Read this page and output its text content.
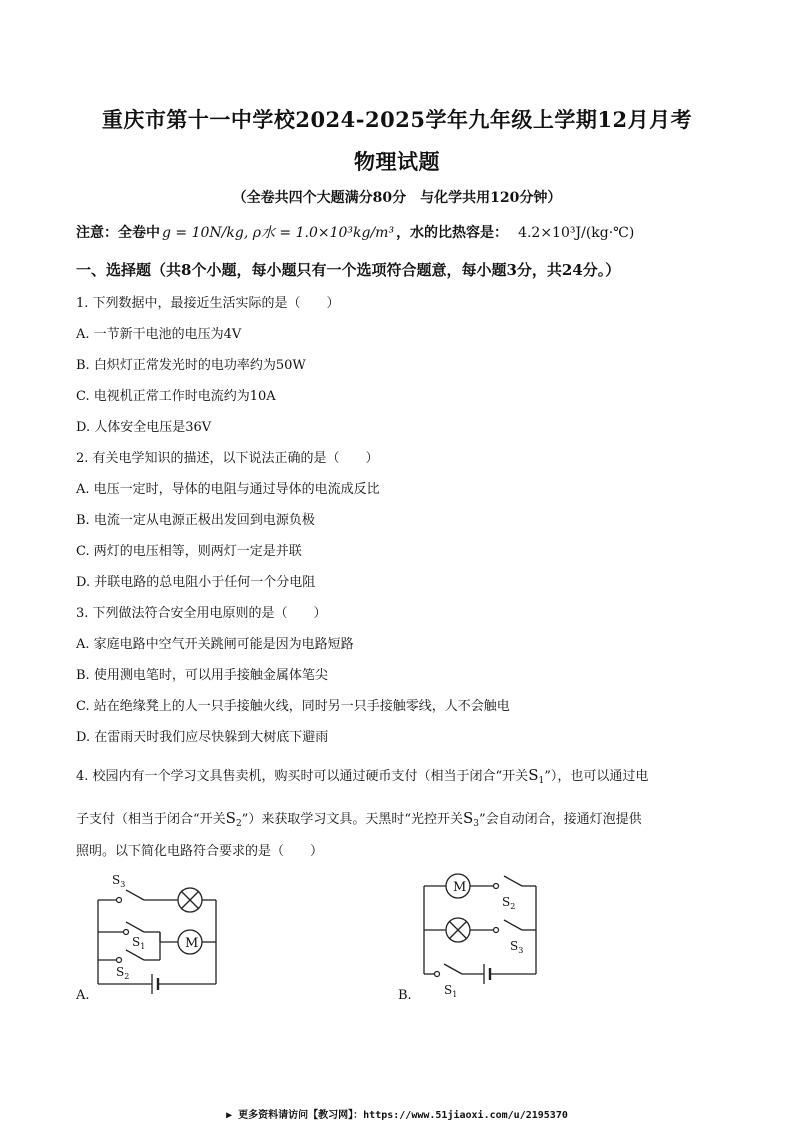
重庆市第十一中学校2024-2025学年九年级上学期12月月考
物理试题
（全卷共四个大题满分80分　与化学共用120分钟）
注意：全卷中 g = 10N/kg, ρ水 = 1.0×10³kg/m³ ，水的比热容是： 4.2×10³J/(kg·℃)
一、选择题（共8个小题，每小题只有一个选项符合题意，每小题3分，共24分。）
1. 下列数据中，最接近生活实际的是（　　）
A. 一节新干电池的电压为4V
B. 白炽灯正常发光时的电功率约为50W
C. 电视机正常工作时电流约为10A
D. 人体安全电压是36V
2. 有关电学知识的描述，以下说法正确的是（　　）
A. 电压一定时，导体的电阻与通过导体的电流成反比
B. 电流一定从电源正极出发回到电源负极
C. 两灯的电压相等，则两灯一定是并联
D. 并联电路的总电阻小于任何一个分电阻
3. 下列做法符合安全用电原则的是（　　）
A. 家庭电路中空气开关跳闸可能是因为电路短路
B. 使用测电笔时，可以用手接触金属体笔尖
C. 站在绝缘凳上的人一只手接触火线，同时另一只手接触零线，人不会触电
D. 在雷雨天时我们应尽快躲到大树底下避雨
4. 校园内有一个学习文具售卖机，购买时可以通过硬币支付（相当于闭合“开关$S_1$”），也可以通过电
子支付（相当于闭合“开关$S_2$”）来获取学习文具。天黑时“光控开关$S_3$”会自动闭合，接通灯泡提供
照明。以下简化电路符合要求的是（　　）
M
$S_3$
$S_1$
$S_2$
A.
M
$S_2$
$S_3$
$S_1$
B.
▶ 更多资料请访问【教习网】：https://www.51jiaoxi.com/u/2195370
